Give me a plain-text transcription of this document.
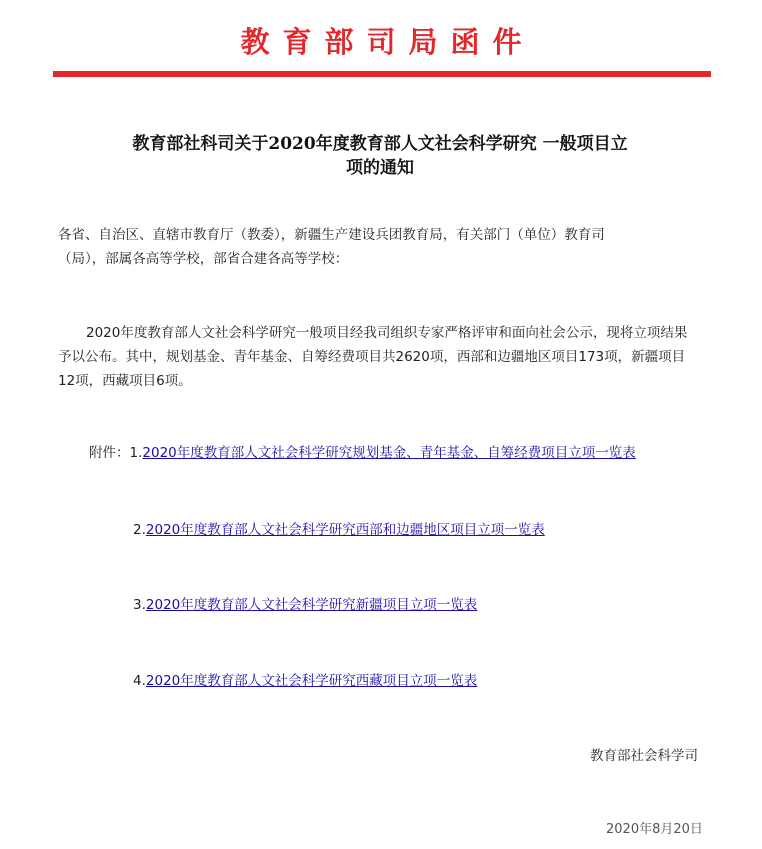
教育部司局函件
教育部社科司关于2020年度教育部人文社会科学研究 一般项目立
项的通知
各省、自治区、直辖市教育厅（教委），新疆生产建设兵团教育局，有关部门（单位）教育司
（局），部属各高等学校，部省合建各高等学校：
2020年度教育部人文社会科学研究一般项目经我司组织专家严格评审和面向社会公示，现将立项结果予以公布。其中，规划基金、青年基金、自筹经费项目共2620项，西部和边疆地区项目173项，新疆项目12项，西藏项目6项。
附件：1.2020年度教育部人文社会科学研究规划基金、青年基金、自筹经费项目立项一览表
2.2020年度教育部人文社会科学研究西部和边疆地区项目立项一览表
3.2020年度教育部人文社会科学研究新疆项目立项一览表
4.2020年度教育部人文社会科学研究西藏项目立项一览表
教育部社会科学司
2020年8月20日
